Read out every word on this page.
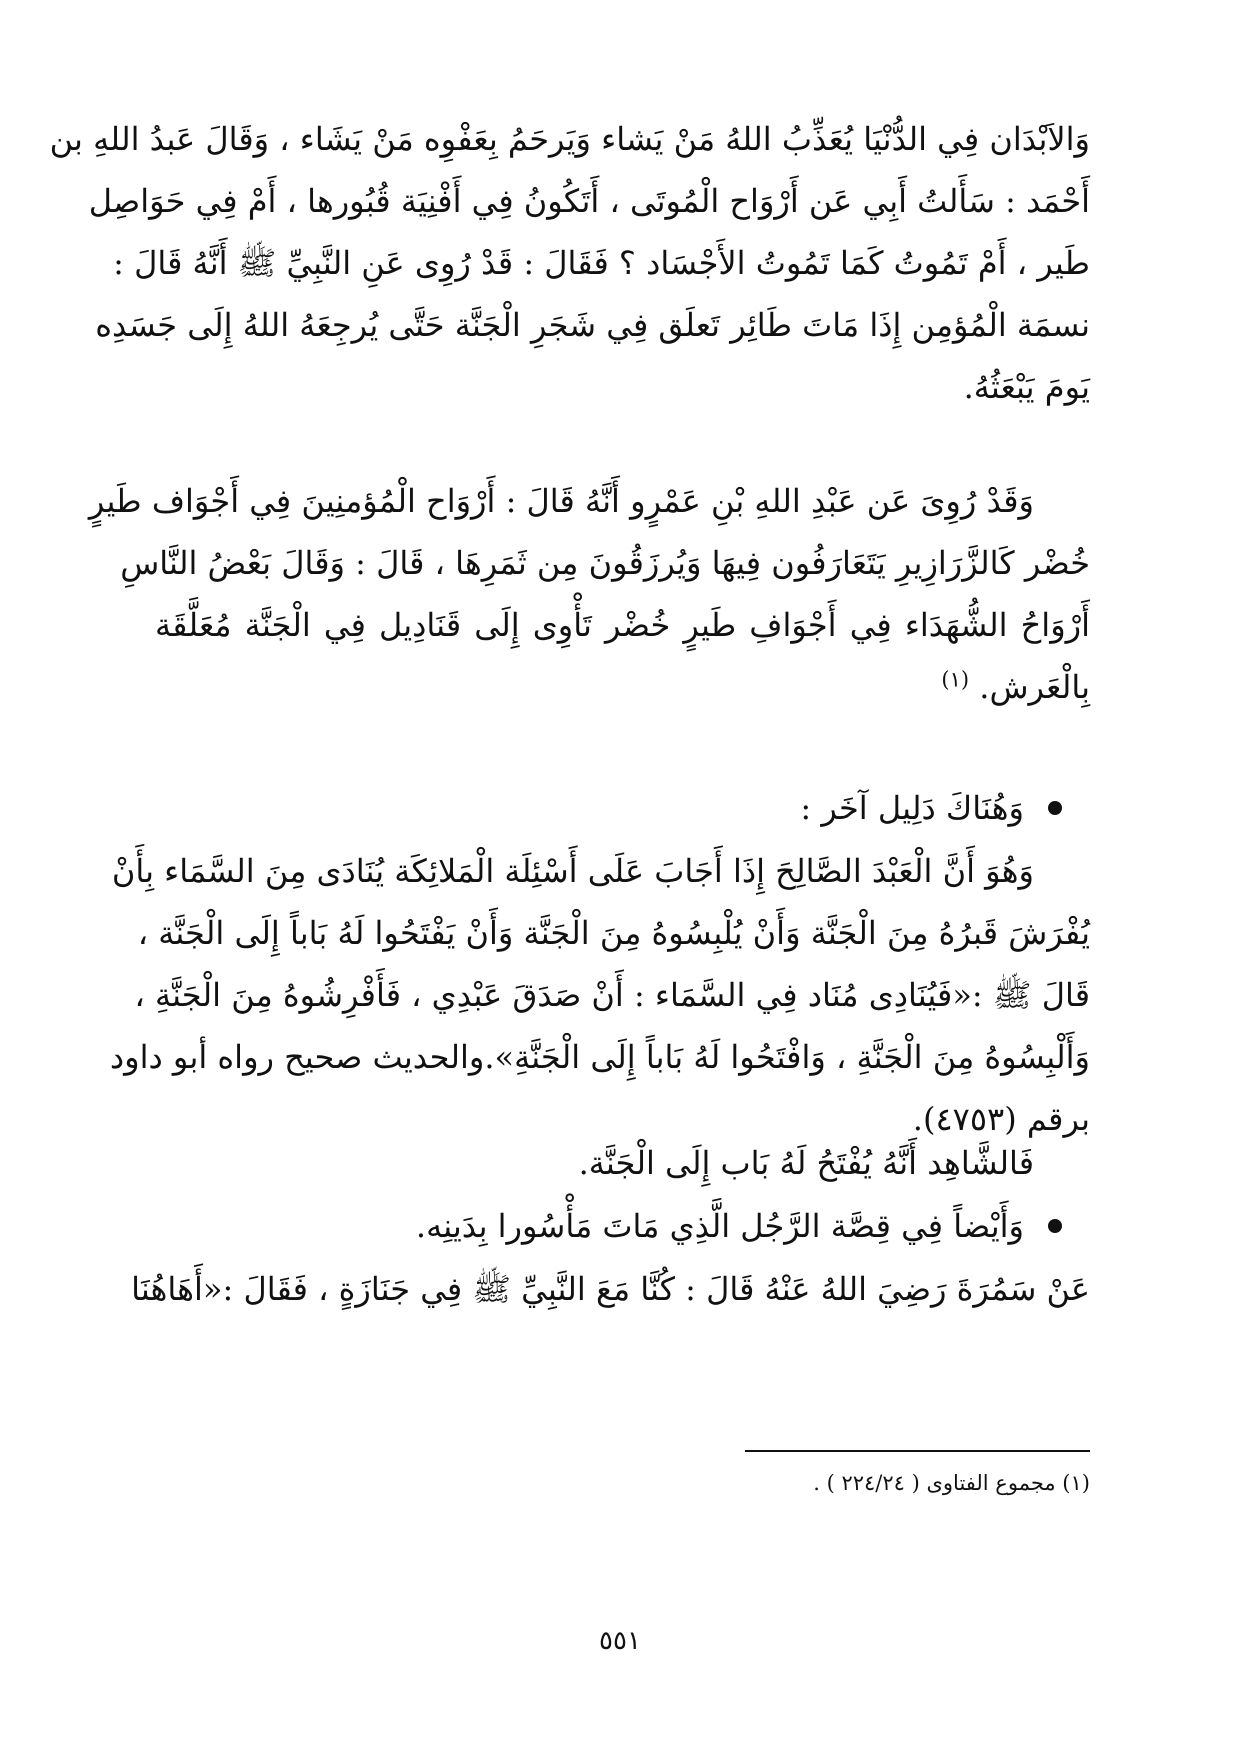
وَالاَبْدَان فِي الدُّنْيَا يُعَذِّبُ اللهُ مَنْ يَشاء وَيَرحَمُ بِعَفْوِه مَنْ يَشَاء ، وَقَالَ عَبدُ اللهِ بن
أَحْمَد : سَأَلتُ أَبِي عَن أَرْوَاح الْمُوتَى ، أَتَكُونُ فِي أَفْنِيَة قُبُورها ، أَمْ فِي حَوَاصِل
طَير ، أَمْ تَمُوتُ كَمَا تَمُوتُ الأَجْسَاد ؟ فَقَالَ : قَدْ رُوِى عَنِ النَّبِيِّ ﷺ أَنَّهُ قَالَ :
نسمَة الْمُؤمِن إِذَا مَاتَ طَائِر تَعلَق فِي شَجَرِ الْجَنَّة حَتَّى يُرجِعَهُ اللهُ إِلَى جَسَدِه
يَومَ يَبْعَثُهُ.
وَقَدْ رُوِىَ عَن عَبْدِ اللهِ بْنِ عَمْرٍو أَنَّهُ قَالَ : أَرْوَاح الْمُؤمنِينَ فِي أَجْوَاف طَيرٍ
خُضْر كَالزَّرَازِيرِ يَتَعَارَفُون فِيهَا وَيُرزَقُونَ مِن ثَمَرِهَا ، قَالَ : وَقَالَ بَعْضُ النَّاسِ
أَرْوَاحُ الشُّهَدَاء فِي أَجْوَافِ طَيرٍ خُضْر تَأْوِى إِلَى قَنَادِيل فِي الْجَنَّة مُعَلَّقَة
بِالْعَرش. $^{(١)}$
وَهُنَاكَ دَلِيل آخَر :
وَهُوَ أَنَّ الْعَبْدَ الصَّالِحَ إِذَا أَجَابَ عَلَى أَسْئِلَة الْمَلائِكَة يُنَادَى مِنَ السَّمَاء بِأَنْ
يُفْرَشَ قَبرُهُ مِنَ الْجَنَّة وَأَنْ يُلْبِسُوهُ مِنَ الْجَنَّة وَأَنْ يَفْتَحُوا لَهُ بَاباً إِلَى الْجَنَّة ،
قَالَ ﷺ :«فَيُنَادِى مُنَاد فِي السَّمَاء : أَنْ صَدَقَ عَبْدِي ، فَأَفْرِشُوهُ مِنَ الْجَنَّةِ ،
وَأَلْبِسُوهُ مِنَ الْجَنَّةِ ، وَافْتَحُوا لَهُ بَاباً إِلَى الْجَنَّةِ».والحديث صحيح رواه أبو داود
برقم (٤٧٥٣).
فَالشَّاهِد أَنَّهُ يُفْتَحُ لَهُ بَاب إِلَى الْجَنَّة.
وَأَيْضاً فِي قِصَّة الرَّجُل الَّذِي مَاتَ مَأْسُورا بِدَينِه.
عَنْ سَمُرَةَ رَضِيَ اللهُ عَنْهُ قَالَ : كُنَّا مَعَ النَّبِيِّ ﷺ فِي جَنَازَةٍ ، فَقَالَ :«أَهَاهُنَا
(١) مجموع الفتاوى ( ٢٢٤/٢٤ ) .
٥٥١
